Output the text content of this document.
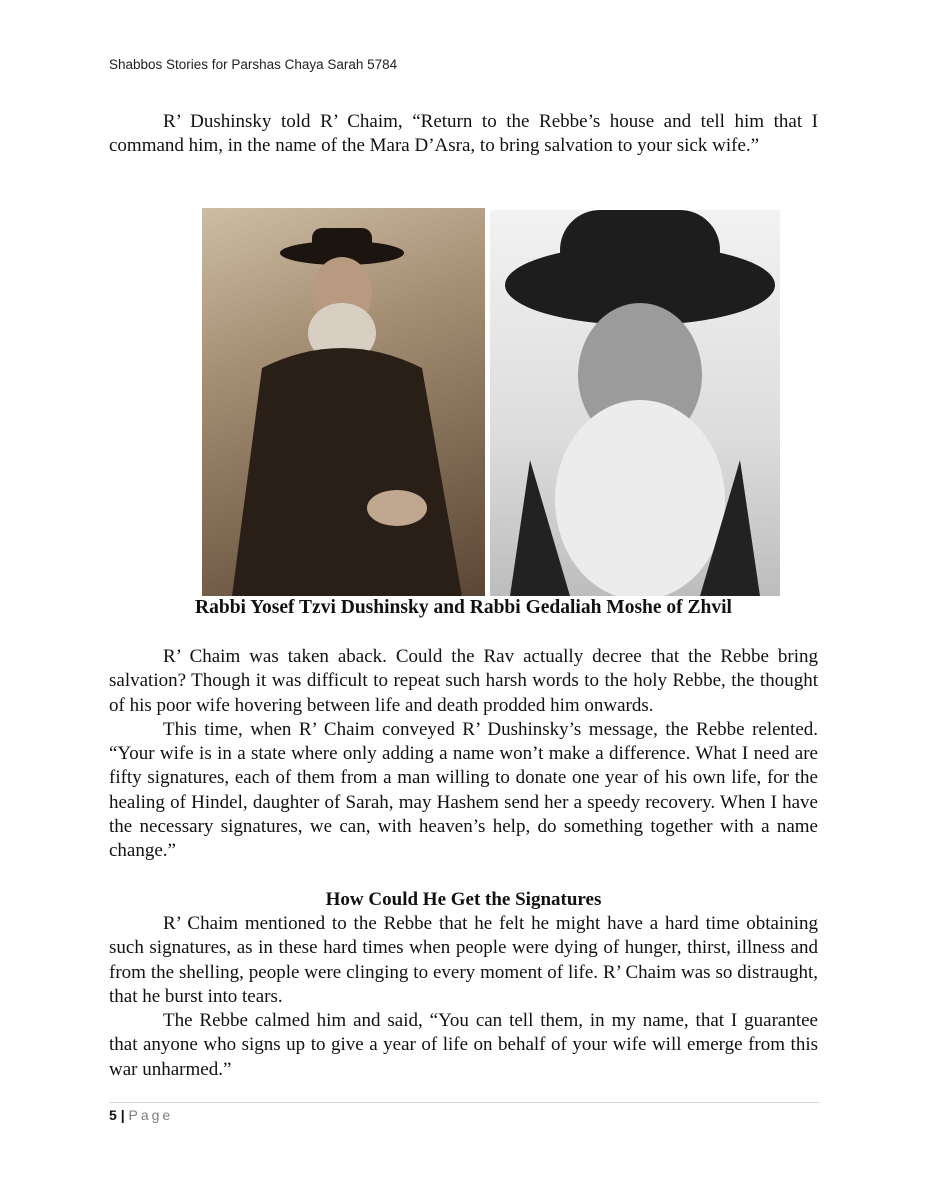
Shabbos Stories for Parshas Chaya Sarah 5784

R’ Dushinsky told R’ Chaim, “Return to the Rebbe’s house and tell him that I command him, in the name of the Mara D’Asra, to bring salvation to your sick wife.”

Rabbi Yosef Tzvi Dushinsky and Rabbi Gedaliah Moshe of Zhvil

R’ Chaim was taken aback. Could the Rav actually decree that the Rebbe bring salvation? Though it was difficult to repeat such harsh words to the holy Rebbe, the thought of his poor wife hovering between life and death prodded him onwards.

This time, when R’ Chaim conveyed R’ Dushinsky’s message, the Rebbe relented. “Your wife is in a state where only adding a name won’t make a difference. What I need are fifty signatures, each of them from a man willing to donate one year of his own life, for the healing of Hindel, daughter of Sarah, may Hashem send her a speedy recovery. When I have the necessary signatures, we can, with heaven’s help, do something together with a name change.”

How Could He Get the Signatures

R’ Chaim mentioned to the Rebbe that he felt he might have a hard time obtaining such signatures, as in these hard times when people were dying of hunger, thirst, illness and from the shelling, people were clinging to every moment of life. R’ Chaim was so distraught, that he burst into tears.

The Rebbe calmed him and said, “You can tell them, in my name, that I guarantee that anyone who signs up to give a year of life on behalf of your wife will emerge from this war unharmed.”

5 | Page
